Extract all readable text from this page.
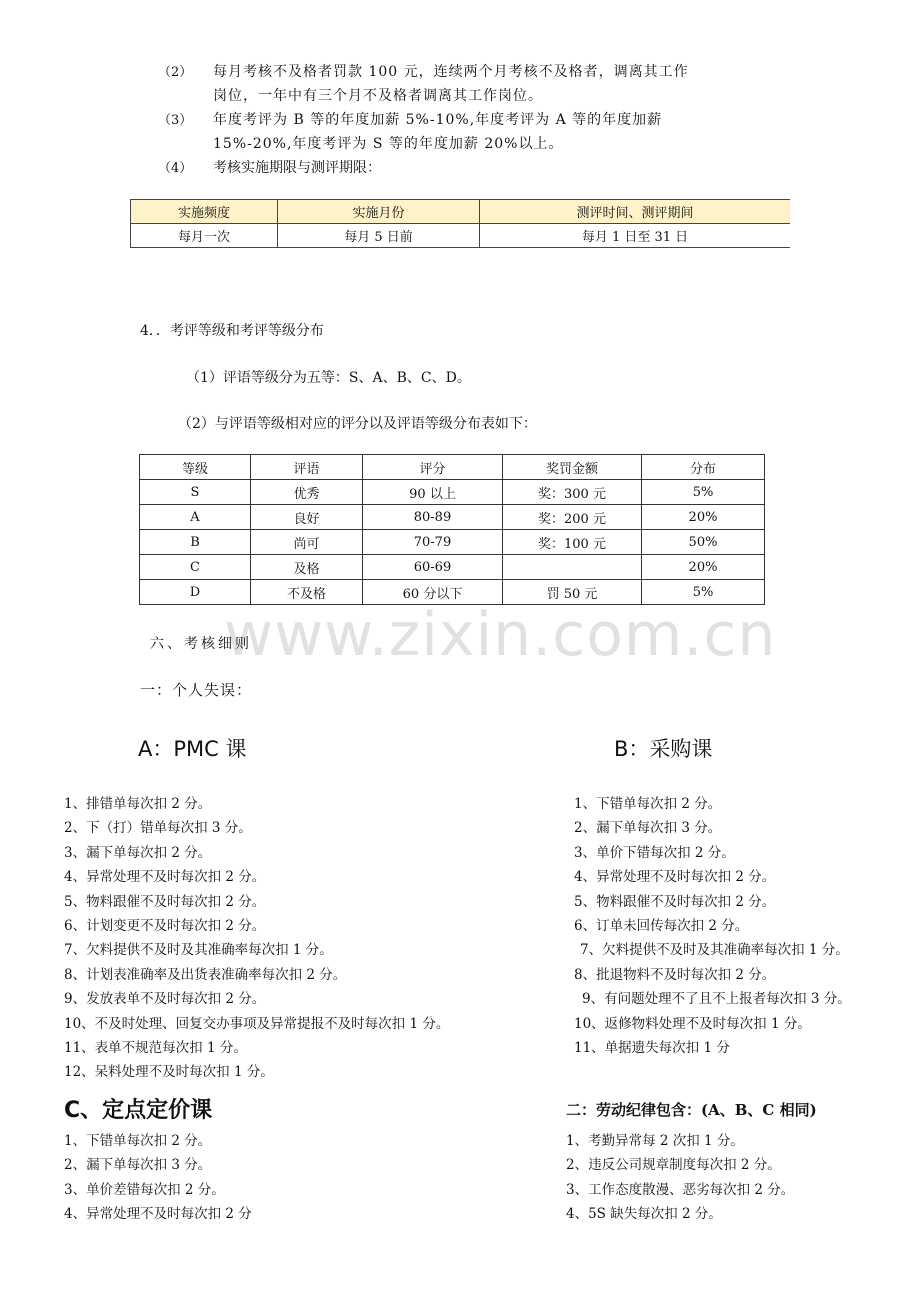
（2） 每月考核不及格者罚款 100 元，连续两个月考核不及格者，调离其工作
岗位，一年中有三个月不及格者调离其工作岗位。
（3） 年度考评为 B 等的年度加薪 5%-10%,年度考评为 A 等的年度加薪
15%-20%,年度考评为 S 等的年度加薪 20%以上。
（4） 考核实施期限与测评期限：
实施频度	实施月份	测评时间、测评期间
每月一次	每月 5 日前	每月 1 日至 31 日
4．．考评等级和考评等级分布
（1）评语等级分为五等：S、A、B、C、D。
（2）与评语等级相对应的评分以及评语等级分布表如下：
等级	评语	评分	奖罚金额	分布
S	优秀	90 以上	奖：300 元	5%
A	良好	80-89	奖：200 元	20%
B	尚可	70-79	奖：100 元	50%
C	及格	60-69		20%
D	不及格	60 分以下	罚 50 元	5%
www.zixin.com.cn
六、考核细则
一：个人失误：
A：PMC 课
1、排错单每次扣 2 分。
2、下（打）错单每次扣 3 分。
3、漏下单每次扣 2 分。
4、异常处理不及时每次扣 2 分。
5、物料跟催不及时每次扣 2 分。
6、计划变更不及时每次扣 2 分。
7、欠料提供不及时及其准确率每次扣 1 分。
8、计划表准确率及出货表准确率每次扣 2 分。
9、发放表单不及时每次扣 2 分。
10、不及时处理、回复交办事项及异常提报不及时每次扣 1 分。
11、表单不规范每次扣 1 分。
12、呆料处理不及时每次扣 1 分。
B：采购课
1、下错单每次扣 2 分。
2、漏下单每次扣 3 分。
3、单价下错每次扣 2 分。
4、异常处理不及时每次扣 2 分。
5、物料跟催不及时每次扣 2 分。
6、订单未回传每次扣 2 分。
7、欠料提供不及时及其准确率每次扣 1 分。
8、批退物料不及时每次扣 2 分。
9、有问题处理不了且不上报者每次扣 3 分。
10、返修物料处理不及时每次扣 1 分。
11、单据遗失每次扣 1 分
C、定点定价课
1、下错单每次扣 2 分。
2、漏下单每次扣 3 分。
3、单价差错每次扣 2 分。
4、异常处理不及时每次扣 2 分
二：劳动纪律包含：(A、B、C 相同)
1、考勤异常每 2 次扣 1 分。
2、违反公司规章制度每次扣 2 分。
3、工作态度散漫、恶劣每次扣 2 分。
4、5S 缺失每次扣 2 分。
